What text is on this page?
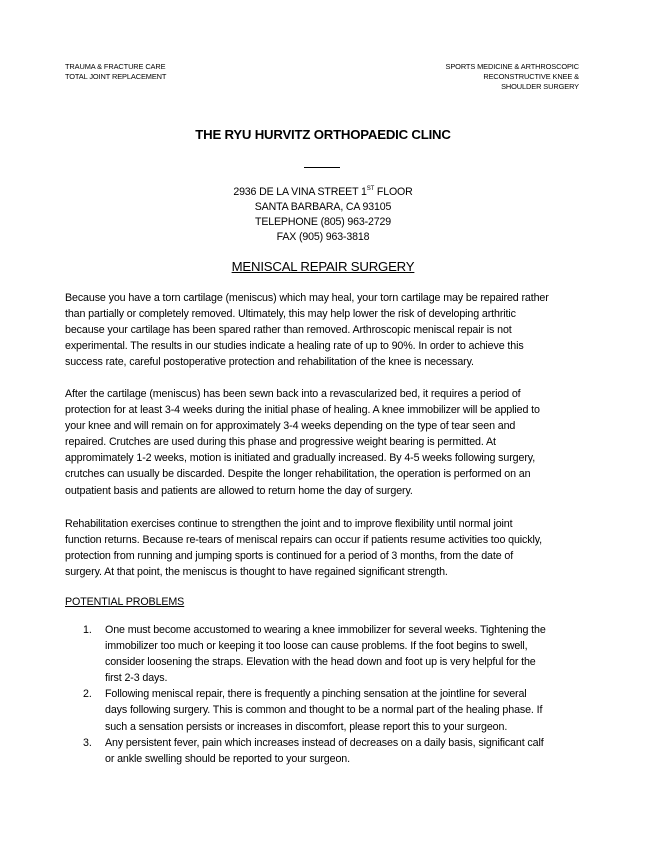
TRAUMA & FRACTURE CARE
TOTAL JOINT REPLACEMENT
SPORTS MEDICINE & ARTHROSCOPIC
RECONSTRUCTIVE KNEE &
SHOULDER SURGERY
THE RYU HURVITZ ORTHOPAEDIC CLINC
2936 DE LA VINA STREET 1ST FLOOR
SANTA BARBARA, CA 93105
TELEPHONE (805) 963-2729
FAX (905) 963-3818
MENISCAL REPAIR SURGERY

Because you have a torn cartilage (meniscus) which may heal, your torn cartilage may be repaired rather

than partially or completely removed. Ultimately, this may help lower the risk of developing arthritic

because your cartilage has been spared rather than removed. Arthroscopic meniscal repair is not

experimental. The results in our studies indicate a healing rate of up to 90%. In order to achieve this

success rate, careful postoperative protection and rehabilitation of the knee is necessary.

After the cartilage (meniscus) has been sewn back into a revascularized bed, it requires a period of

protection for at least 3-4 weeks during the initial phase of healing. A knee immobilizer will be applied to

your knee and will remain on for approximately 3-4 weeks depending on the type of tear seen and

repaired. Crutches are used during this phase and progressive weight bearing is permitted. At

appromimately 1-2 weeks, motion is initiated and gradually increased. By 4-5 weeks following surgery,

crutches can usually be discarded. Despite the longer rehabilitation, the operation is performed on an

outpatient basis and patients are allowed to return home the day of surgery.

Rehabilitation exercises continue to strengthen the joint and to improve flexibility until normal joint

function returns. Because re-tears of meniscal repairs can occur if patients resume activities too quickly,

protection from running and jumping sports is continued for a period of 3 months, from the date of

surgery. At that point, the meniscus is thought to have regained significant strength.

POTENTIAL PROBLEMS
1. One must become accustomed to wearing a knee immobilizer for several weeks. Tightening the
immobilizer too much or keeping it too loose can cause problems. If the foot begins to swell,
consider loosening the straps. Elevation with the head down and foot up is very helpful for the
first 2-3 days.
2. Following meniscal repair, there is frequently a pinching sensation at the jointline for several
days following surgery. This is common and thought to be a normal part of the healing phase. If
such a sensation persists or increases in discomfort, please report this to your surgeon.
3. Any persistent fever, pain which increases instead of decreases on a daily basis, significant calf
or ankle swelling should be reported to your surgeon.
